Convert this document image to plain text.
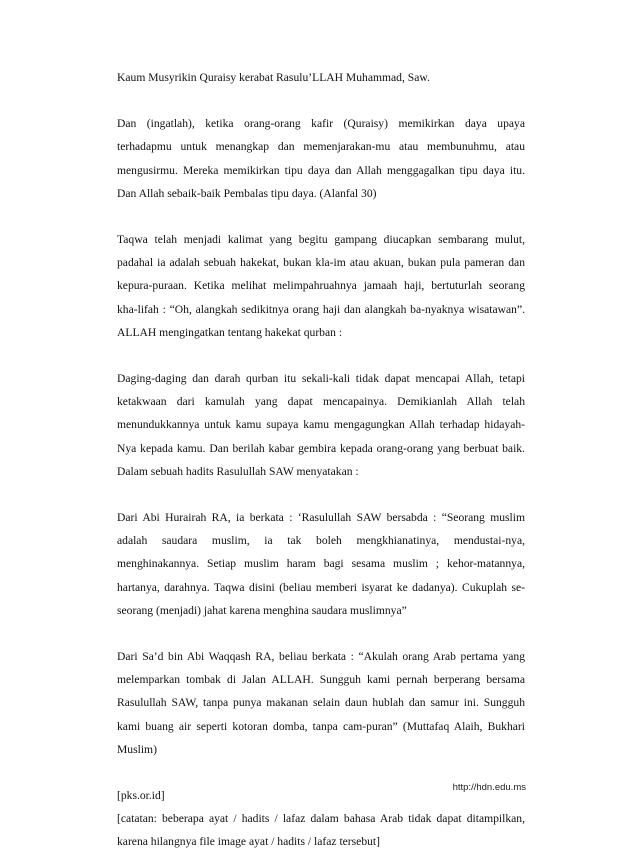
Kaum Musyrikin Quraisy kerabat Rasulu’LLAH Muhammad, Saw.

Dan (ingatlah), ketika orang-orang kafir (Quraisy) memikirkan daya upaya
terhadapmu untuk menangkap dan memenjarakan-mu atau membunuhmu, atau
mengusirmu. Mereka memikirkan tipu daya dan Allah menggagalkan tipu daya itu.
Dan Allah sebaik-baik Pembalas tipu daya. (Alanfal 30)

Taqwa telah menjadi kalimat yang begitu gampang diucapkan sembarang mulut,
padahal ia adalah sebuah hakekat, bukan kla-im atau akuan, bukan pula pameran dan
kepura-puraan. Ketika melihat melimpahruahnya jamaah haji, bertuturlah seorang
kha-lifah : “Oh, alangkah sedikitnya orang haji dan alangkah ba-nyaknya wisatawan”.
ALLAH mengingatkan tentang hakekat qurban :

Daging-daging dan darah qurban itu sekali-kali tidak dapat mencapai Allah, tetapi
ketakwaan dari kamulah yang dapat mencapainya. Demikianlah Allah telah
menundukkannya untuk kamu supaya kamu mengagungkan Allah terhadap hidayah-
Nya kepada kamu. Dan berilah kabar gembira kepada orang-orang yang berbuat baik.
Dalam sebuah hadits Rasulullah SAW menyatakan :

Dari Abi Hurairah RA, ia berkata : ‘Rasulullah SAW bersabda : “Seorang muslim
adalah saudara muslim, ia tak boleh mengkhianatinya, mendustai-nya,
menghinakannya. Setiap muslim haram bagi sesama muslim ; kehor-matannya,
hartanya, darahnya. Taqwa disini (beliau memberi isyarat ke dadanya). Cukuplah se-
seorang (menjadi) jahat karena menghina saudara muslimnya”

Dari Sa’d bin Abi Waqqash RA, beliau berkata : “Akulah orang Arab pertama yang
melemparkan tombak di Jalan ALLAH. Sungguh kami pernah berperang bersama
Rasulullah SAW, tanpa punya makanan selain daun hublah dan samur ini. Sungguh
kami buang air seperti kotoran domba, tanpa cam-puran” (Muttafaq Alaih, Bukhari
Muslim)

[pks.or.id]
[catatan: beberapa ayat / hadits / lafaz dalam bahasa Arab tidak dapat ditampilkan,
karena hilangnya file image ayat / hadits / lafaz tersebut]

http://hdn.edu.ms
